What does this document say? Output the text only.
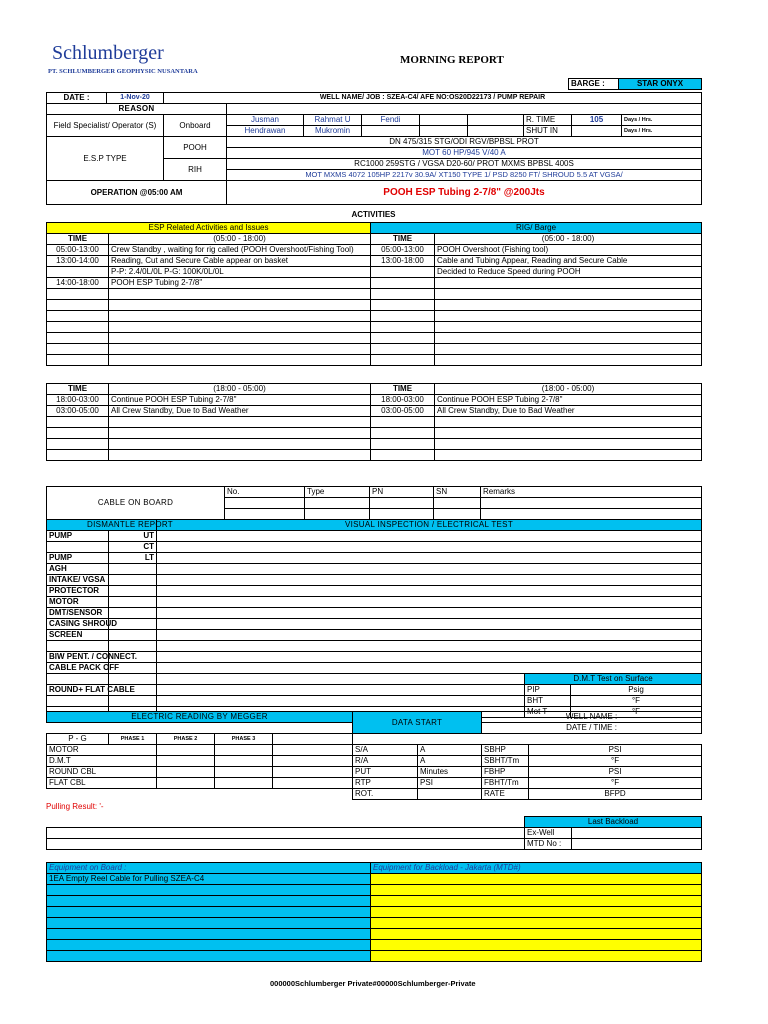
Schlumberger
PT. SCHLUMBERGER GEOPHYSIC NUSANTARA
MORNING REPORT
BARGE :	STAR ONYX
DATE :	1-Nov-20	WELL NAME/ JOB : SZEA-C4/ AFE NO:OS20D22173 / PUMP REPAIR								
REASON										
Field Specialist/ Operator (S)		Onboard	Jusman	Rahmat U	Fendi			R. TIME	105	Days / Hrs.
			Hendrawan	Mukromin				SHUT IN		Days / Hrs.
E.S.P TYPE		POOH	DN 475/315 STG/ODI RGV/BPBSL PROT							
			MOT 60 HP/945 V/40 A							
		RIH	RC1000 259STG / VGSA D20-60/ PROT MXMS BPBSL 400S							
			MOT MXMS 4072 105HP 2217v 30.9A/ XT150 TYPE 1/ PSD 8250 FT/ SHROUD 5.5 AT VGSA/							
OPERATION @05:00 AM			POOH ESP Tubing 2-7/8" @200Jts							
ACTIVITIES
ESP Related Activities and Issues		RIG/ Barge	
TIME	(05:00 - 18:00)	TIME	(05:00 - 18:00)
05:00-13:00	Crew Standby , waiting for rig called (POOH Overshoot/Fishing Tool)	05:00-13:00	POOH Overshoot (Fishing tool)
13:00-14:00	Reading, Cut and Secure Cable appear on basket	13:00-18:00	Cable and Tubing Appear, Reading and Secure Cable
	P-P: 2.4/0L/0L P-G: 100K/0L/0L		Decided to Reduce Speed during POOH
14:00-18:00	POOH ESP Tubing 2-7/8"		

TIME	(18:00 - 05:00)	TIME	(18:00 - 05:00)
18:00-03:00	Continue POOH ESP Tubing 2-7/8"	18:00-03:00	Continue POOH ESP Tubing 2-7/8"
03:00-05:00	All Crew Standby, Due to Bad Weather	03:00-05:00	All Crew Standby, Due to Bad Weather

CABLE ON BOARD	No.	Type	PN	SN	Remarks

DISMANTLE REPORT		VISUAL INSPECTION / ELECTRICAL TEST		
PUMP	UT			
	CT			
PUMP	LT			
AGH				
INTAKE/ VGSA				
PROTECTOR				
MOTOR				
DMT/SENSOR				
CASING SHROUD				
SCREEN				

BIW PENT. / CONNECT.				
CABLE PACK OFF				
			D.M.T Test on Surface	
ROUND+ FLAT CABLE			PIP	Psig
			BHT	°F
			Mot T	°F
ELECTRIC READING BY MEGGER					DATA START		WELL NAME :	
							DATE / TIME :	
P - G	PHASE 1	PHASE 2	PHASE 3					
MOTOR					S/A	A	SBHP	PSI
D.M.T					R/A	A	SBHT/Tm	°F
ROUND CBL					PUT	Minutes	FBHP	PSI
FLAT CBL					RTP	PSI	FBHT/Tm	°F
					ROT.		RATE	BFPD
Pulling Result: '-
	Last Backload	
	Ex-Well	
	MTD No :	
Equipment on Board :	Equipment for Backload - Jakarta (MTD#)
1EA Empty Reel Cable for Pulling SZEA-C4	

000000Schlumberger Private#00000Schlumberger-Private
